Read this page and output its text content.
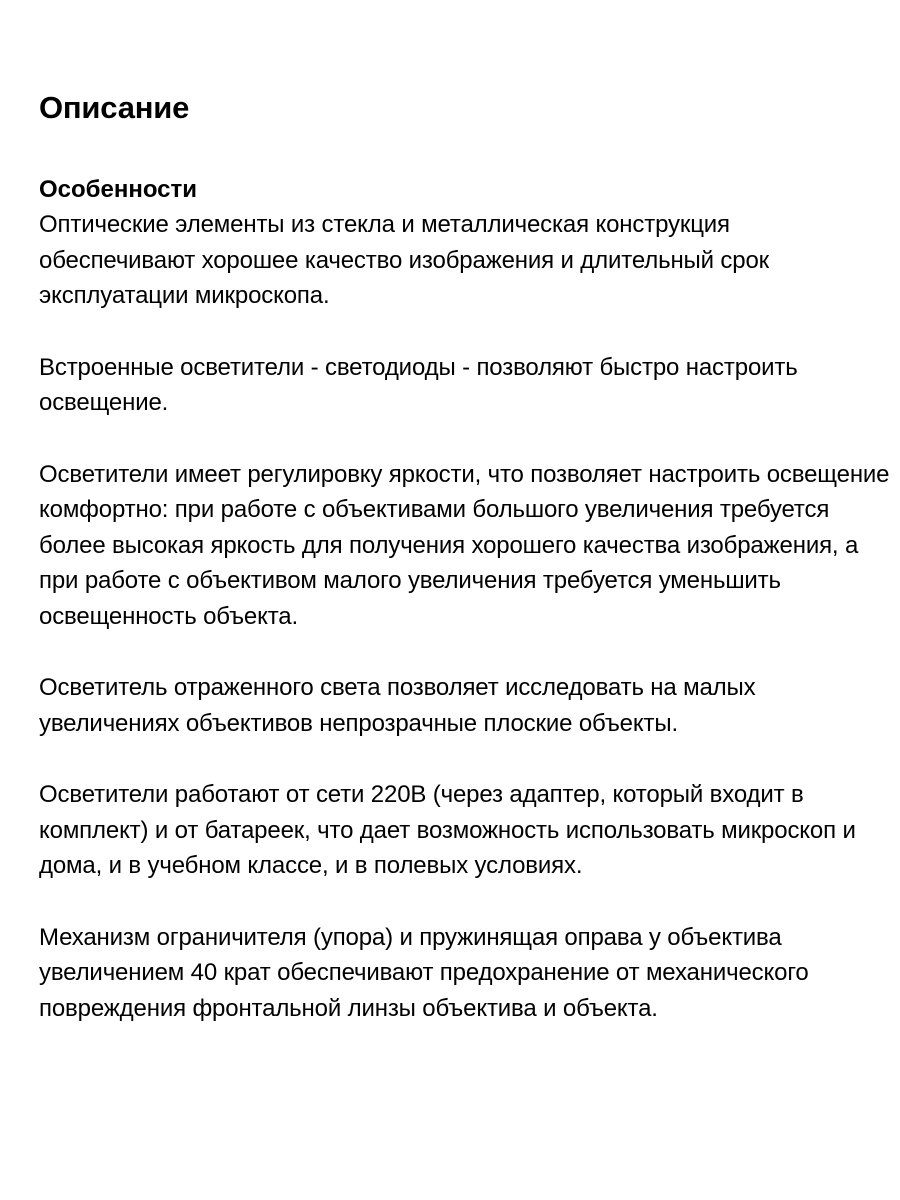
Описание
Особенности

Оптические элементы из стекла и металлическая конструкция обеспечивают хорошее качество изображения и длительный срок эксплуатации микроскопа.

Встроенные осветители - светодиоды - позволяют быстро настроить освещение.

Осветители имеет регулировку яркости, что позволяет настроить освещение комфортно: при работе с объективами большого увеличения требуется более высокая яркость для получения хорошего качества изображения, а при работе с объективом малого увеличения требуется уменьшить освещенность объекта.

Осветитель отраженного света позволяет исследовать на малых увеличениях объективов непрозрачные плоские объекты.

Осветители работают от сети 220В (через адаптер, который входит в комплект) и от батареек, что дает возможность использовать микроскоп и дома, и в учебном классе, и в полевых условиях.

Механизм ограничителя (упора) и пружинящая оправа у объектива увеличением 40 крат обеспечивают предохранение от механического повреждения фронтальной линзы объектива и объекта.
